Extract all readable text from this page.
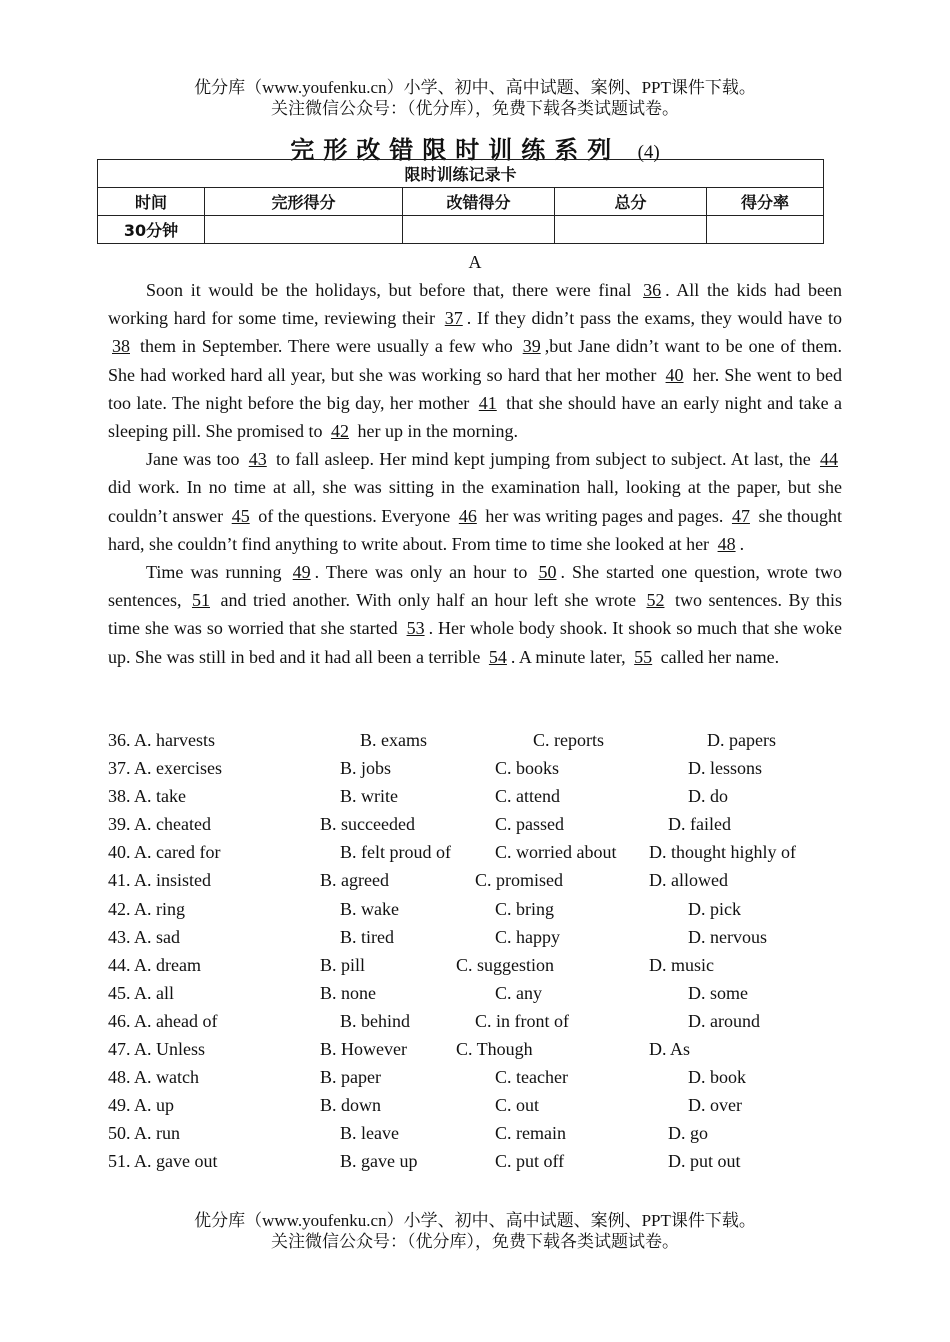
优分库（www.youfenku.cn）小学、初中、高中试题、案例、PPT课件下载。
关注微信公众号：（优分库），免费下载各类试题试卷。
完形改错限时训练系列 (4)
限时训练记录卡				
时间	完形得分	改错得分	总分	得分率
30分钟				
A

Soon it would be the holidays, but before that, there were final 36 . All the kids had been working hard for some time, reviewing their 37 . If they didn’t pass the exams, they would have to 38 them in September. There were usually a few who 39 ,but Jane didn’t want to be one of them. She had worked hard all year, but she was working so hard that her mother 40 her. She went to bed too late. The night before the big day, her mother 41 that she should have an early night and take a sleeping pill. She promised to 42 her up in the morning.

Jane was too 43 to fall asleep. Her mind kept jumping from subject to subject. At last, the 44 did work. In no time at all, she was sitting in the examination hall, looking at the paper, but she couldn’t answer 45 of the questions. Everyone 46 her was writing pages and pages. 47 she thought hard, she couldn’t find anything to write about. From time to time she looked at her 48 .

Time was running 49 . There was only an hour to 50 . She started one question, wrote two sentences, 51 and tried another. With only half an hour left she wrote 52 two sentences. By this time she was so worried that she started 53 . Her whole body shook. It shook so much that she woke up. She was still in bed and it had all been a terrible 54 . A minute later, 55 called her name.

36. A. harvests	B. exams	C. reports	D. papers
37. A. exercises	B. jobs	C. books	D. lessons
38. A. take	B. write	C. attend	D. do
39. A. cheated	B. succeeded	C. passed	D. failed
40. A. cared for	B. felt proud of C. worried about D. thought highly of
41. A. insisted	B. agreed	C. promised	D. allowed
42. A. ring	B. wake	C. bring	D. pick
43. A. sad	B. tired	C. happy	D. nervous
44. A. dream	B. pill	C. suggestion	D. music
45. A. all	B. none	C. any	D. some
46. A. ahead of	B. behind	C. in front of	D. around
47. A. Unless	B. However	C. Though	D. As
48. A. watch	B. paper	C. teacher	D. book
49. A. up	B. down	C. out	D. over
50. A. run	B. leave	C. remain	D. go
51. A. gave out	B. gave up	C. put off	D. put out
优分库（www.youfenku.cn）小学、初中、高中试题、案例、PPT课件下载。
关注微信公众号：（优分库），免费下载各类试题试卷。
